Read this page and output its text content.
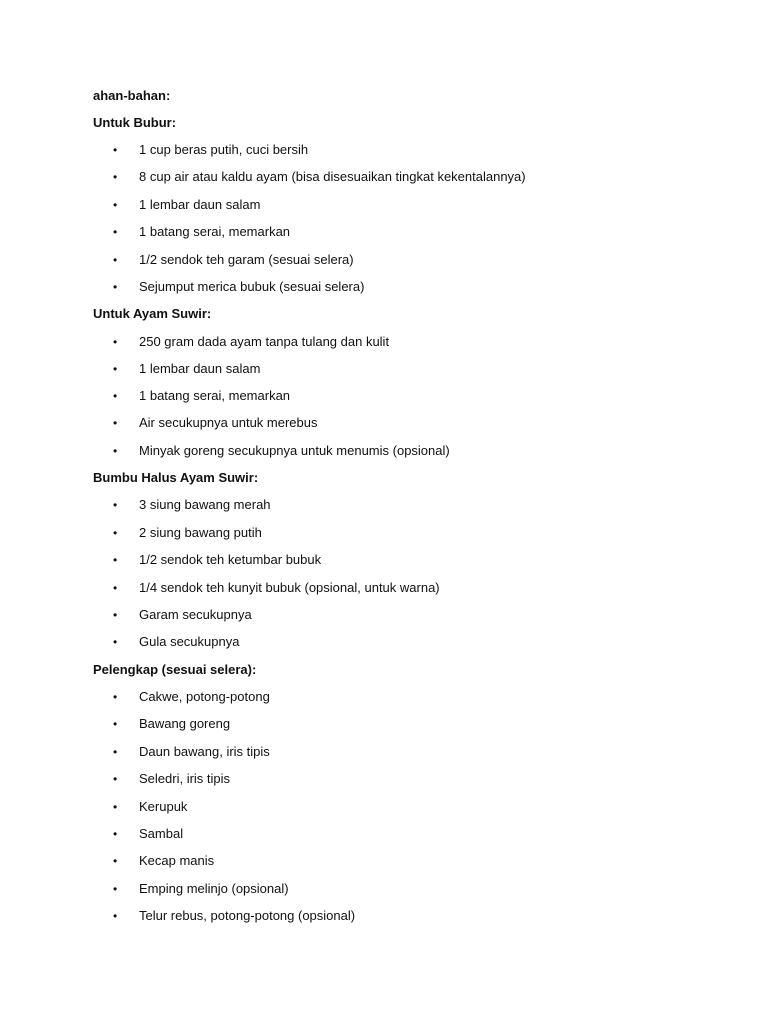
ahan-bahan:
Untuk Bubur:
• 1 cup beras putih, cuci bersih
• 8 cup air atau kaldu ayam (bisa disesuaikan tingkat kekentalannya)
• 1 lembar daun salam
• 1 batang serai, memarkan
• 1/2 sendok teh garam (sesuai selera)
• Sejumput merica bubuk (sesuai selera)
Untuk Ayam Suwir:
• 250 gram dada ayam tanpa tulang dan kulit
• 1 lembar daun salam
• 1 batang serai, memarkan
• Air secukupnya untuk merebus
• Minyak goreng secukupnya untuk menumis (opsional)
Bumbu Halus Ayam Suwir:
• 3 siung bawang merah
• 2 siung bawang putih
• 1/2 sendok teh ketumbar bubuk
• 1/4 sendok teh kunyit bubuk (opsional, untuk warna)
• Garam secukupnya
• Gula secukupnya
Pelengkap (sesuai selera):
• Cakwe, potong-potong
• Bawang goreng
• Daun bawang, iris tipis
• Seledri, iris tipis
• Kerupuk
• Sambal
• Kecap manis
• Emping melinjo (opsional)
• Telur rebus, potong-potong (opsional)
